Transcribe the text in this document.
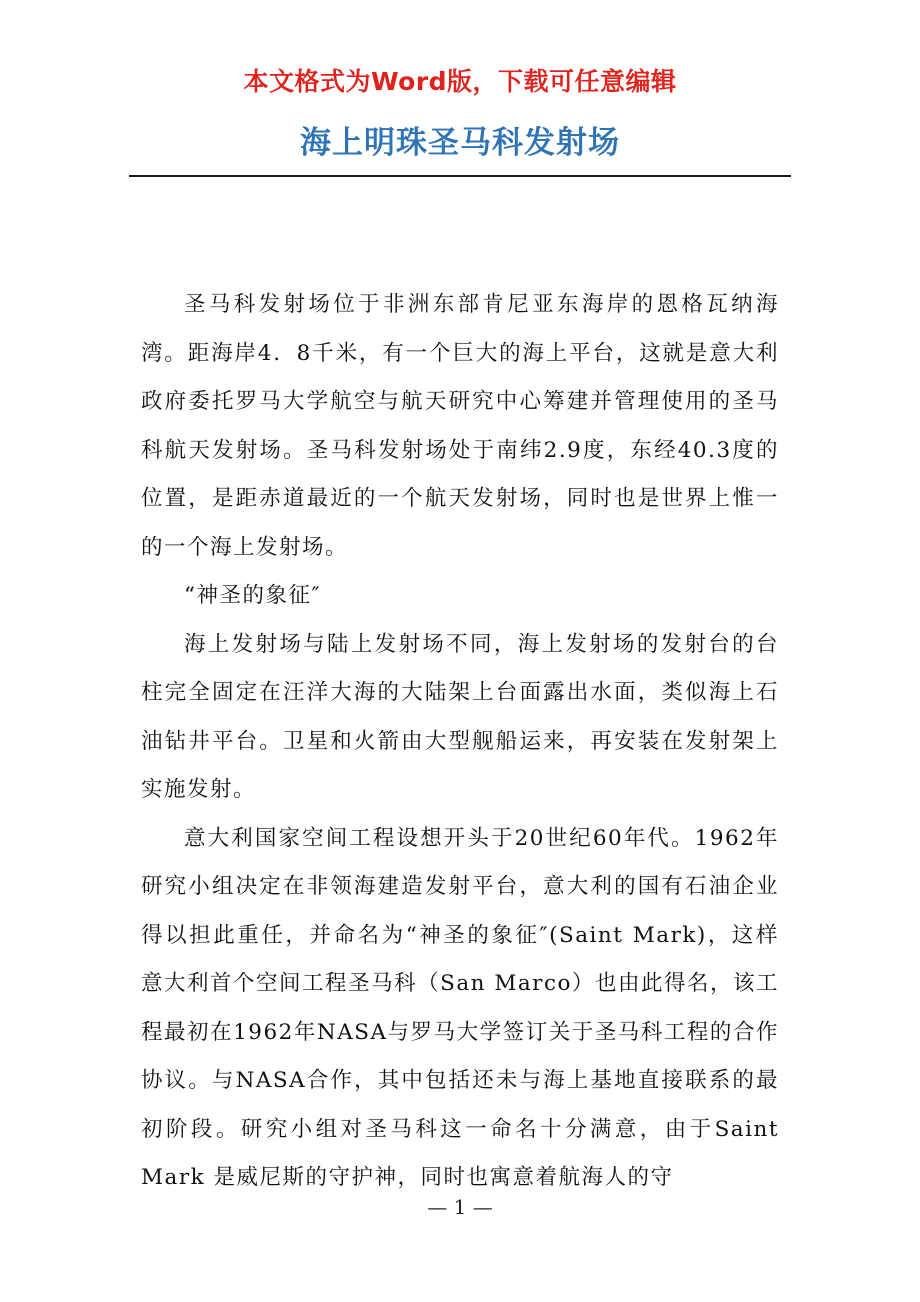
本文格式为Word版，下载可任意编辑
海上明珠圣马科发射场

圣马科发射场位于非洲东部肯尼亚东海岸的恩格瓦纳海湾。距海岸4．8千米，有一个巨大的海上平台，这就是意大利政府委托罗马大学航空与航天研究中心筹建并管理使用的圣马科航天发射场。圣马科发射场处于南纬2.9度，东经40.3度的位置，是距赤道最近的一个航天发射场，同时也是世界上惟一的一个海上发射场。

“神圣的象征″

海上发射场与陆上发射场不同，海上发射场的发射台的台柱完全固定在汪洋大海的大陆架上台面露出水面，类似海上石油钻井平台。卫星和火箭由大型舰船运来，再安装在发射架上实施发射。

意大利国家空间工程设想开头于20世纪60年代。1962年研究小组决定在非领海建造发射平台，意大利的国有石油企业得以担此重任，并命名为“神圣的象征″(Saint Mark)，这样意大利首个空间工程圣马科（San Marco）也由此得名，该工程最初在1962年NASA与罗马大学签订关于圣马科工程的合作协议。与NASA合作，其中包括还未与海上基地直接联系的最初阶段。研究小组对圣马科这一命名十分满意，由于Saint Mark 是威尼斯的守护神，同时也寓意着航海人的守

— 1 —
